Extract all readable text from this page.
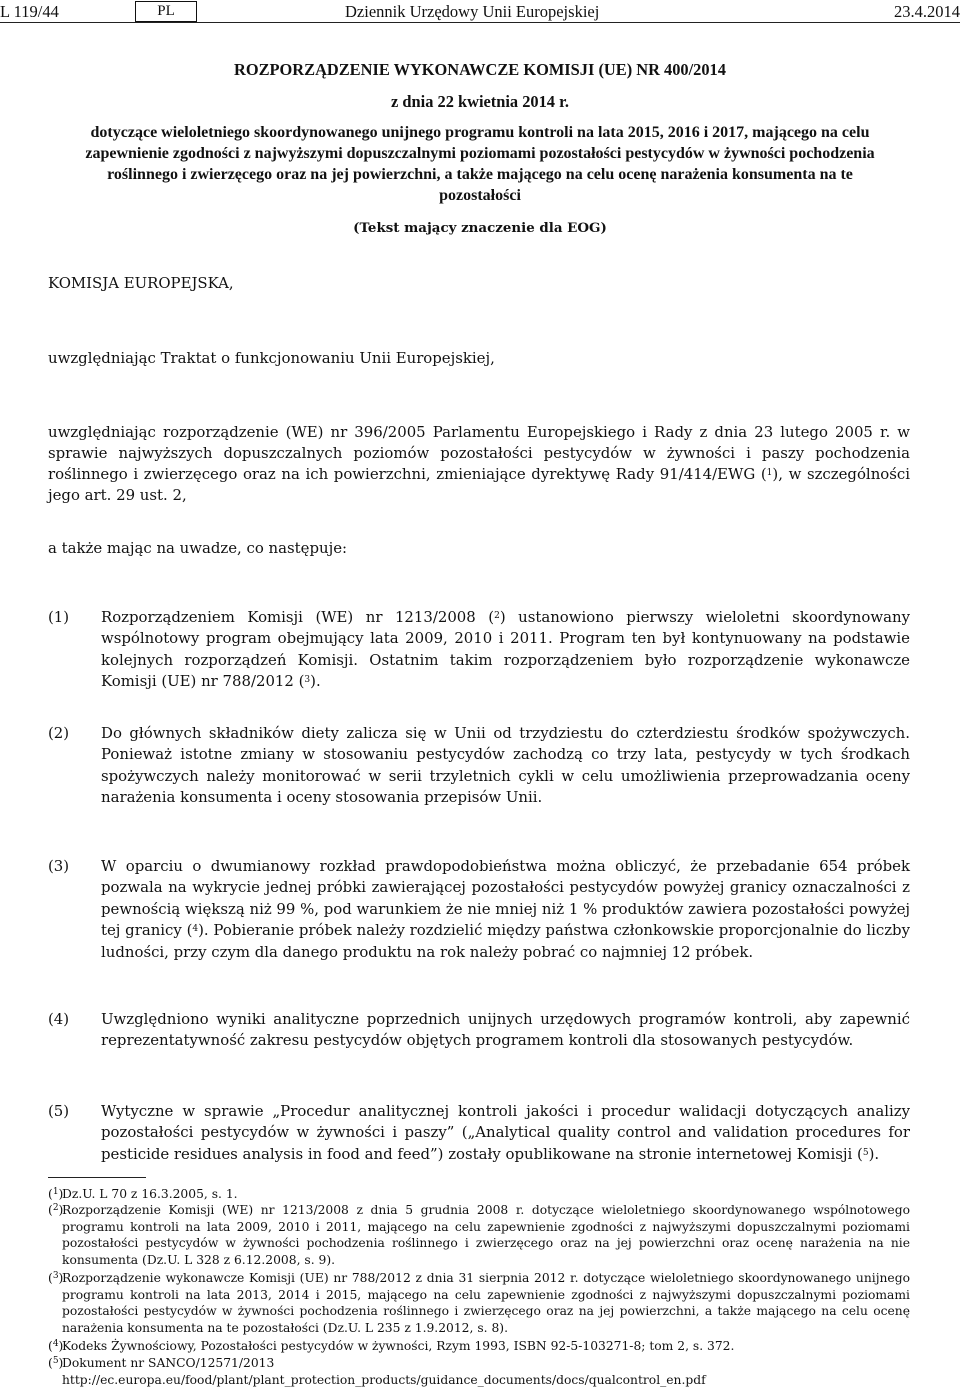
L 119/44	PL	Dziennik Urzędowy Unii Europejskiej	23.4.2014
ROZPORZĄDZENIE WYKONAWCZE KOMISJI (UE) NR 400/2014
z dnia 22 kwietnia 2014 r.
dotyczące wieloletniego skoordynowanego unijnego programu kontroli na lata 2015, 2016 i 2017, mającego na celu zapewnienie zgodności z najwyższymi dopuszczalnymi poziomami pozostałości pestycydów w żywności pochodzenia roślinnego i zwierzęcego oraz na jej powierzchni, a także mającego na celu ocenę narażenia konsumenta na te pozostałości
(Tekst mający znaczenie dla EOG)
KOMISJA EUROPEJSKA,
uwzględniając Traktat o funkcjonowaniu Unii Europejskiej,
uwzględniając rozporządzenie (WE) nr 396/2005 Parlamentu Europejskiego i Rady z dnia 23 lutego 2005 r. w sprawie najwyższych dopuszczalnych poziomów pozostałości pestycydów w żywności i paszy pochodzenia roślinnego i zwierzęcego oraz na ich powierzchni, zmieniające dyrektywę Rady 91/414/EWG ($^1$), w szczególności jego art. 29 ust. 2,
a także mając na uwadze, co następuje:
(1) Rozporządzeniem Komisji (WE) nr 1213/2008 ($^2$) ustanowiono pierwszy wieloletni skoordynowany wspólnotowy program obejmujący lata 2009, 2010 i 2011. Program ten był kontynuowany na podstawie kolejnych rozporządzeń Komisji. Ostatnim takim rozporządzeniem było rozporządzenie wykonawcze Komisji (UE) nr 788/2012 ($^3$).
(2) Do głównych składników diety zalicza się w Unii od trzydziestu do czterdziestu środków spożywczych. Ponieważ istotne zmiany w stosowaniu pestycydów zachodzą co trzy lata, pestycydy w tych środkach spożywczych należy monitorować w serii trzyletnich cykli w celu umożliwienia przeprowadzania oceny narażenia konsumenta i oceny stosowania przepisów Unii.
(3) W oparciu o dwumianowy rozkład prawdopodobieństwa można obliczyć, że przebadanie 654 próbek pozwala na wykrycie jednej próbki zawierającej pozostałości pestycydów powyżej granicy oznaczalności z pewnością większą niż 99 %, pod warunkiem że nie mniej niż 1 % produktów zawiera pozostałości powyżej tej granicy ($^4$). Pobieranie próbek należy rozdzielić między państwa członkowskie proporcjonalnie do liczby ludności, przy czym dla danego produktu na rok należy pobrać co najmniej 12 próbek.
(4) Uwzględniono wyniki analityczne poprzednich unijnych urzędowych programów kontroli, aby zapewnić reprezentatywność zakresu pestycydów objętych programem kontroli dla stosowanych pestycydów.
(5) Wytyczne w sprawie „Procedur analitycznej kontroli jakości i procedur walidacji dotyczących analizy pozostałości pestycydów w żywności i paszy” („Analytical quality control and validation procedures for pesticide residues analysis in food and feed”) zostały opublikowane na stronie internetowej Komisji ($^5$).
($^1$)
Dz.U. L 70 z 16.3.2005, s. 1.
($^2$)
Rozporządzenie Komisji (WE) nr 1213/2008 z dnia 5 grudnia 2008 r. dotyczące wieloletniego skoordynowanego wspólnotowego programu kontroli na lata 2009, 2010 i 2011, mającego na celu zapewnienie zgodności z najwyższymi dopuszczalnymi poziomami pozostałości pestycydów w żywności pochodzenia roślinnego i zwierzęcego oraz na jej powierzchni oraz ocenę narażenia na nie konsumenta (Dz.U. L 328 z 6.12.2008, s. 9).
($^3$)
Rozporządzenie wykonawcze Komisji (UE) nr 788/2012 z dnia 31 sierpnia 2012 r. dotyczące wieloletniego skoordynowanego unijnego programu kontroli na lata 2013, 2014 i 2015, mającego na celu zapewnienie zgodności z najwyższymi dopuszczalnymi poziomami pozostałości pestycydów w żywności pochodzenia roślinnego i zwierzęcego oraz na jej powierzchni, a także mającego na celu ocenę narażenia konsumenta na te pozostałości (Dz.U. L 235 z 1.9.2012, s. 8).
($^4$)
Kodeks Żywnościowy, Pozostałości pestycydów w żywności, Rzym 1993, ISBN 92-5-103271-8; tom 2, s. 372.
($^5$)
Dokument nr SANCO/12571/2013
http://ec.europa.eu/food/plant/plant_protection_products/guidance_documents/docs/qualcontrol_en.pdf
